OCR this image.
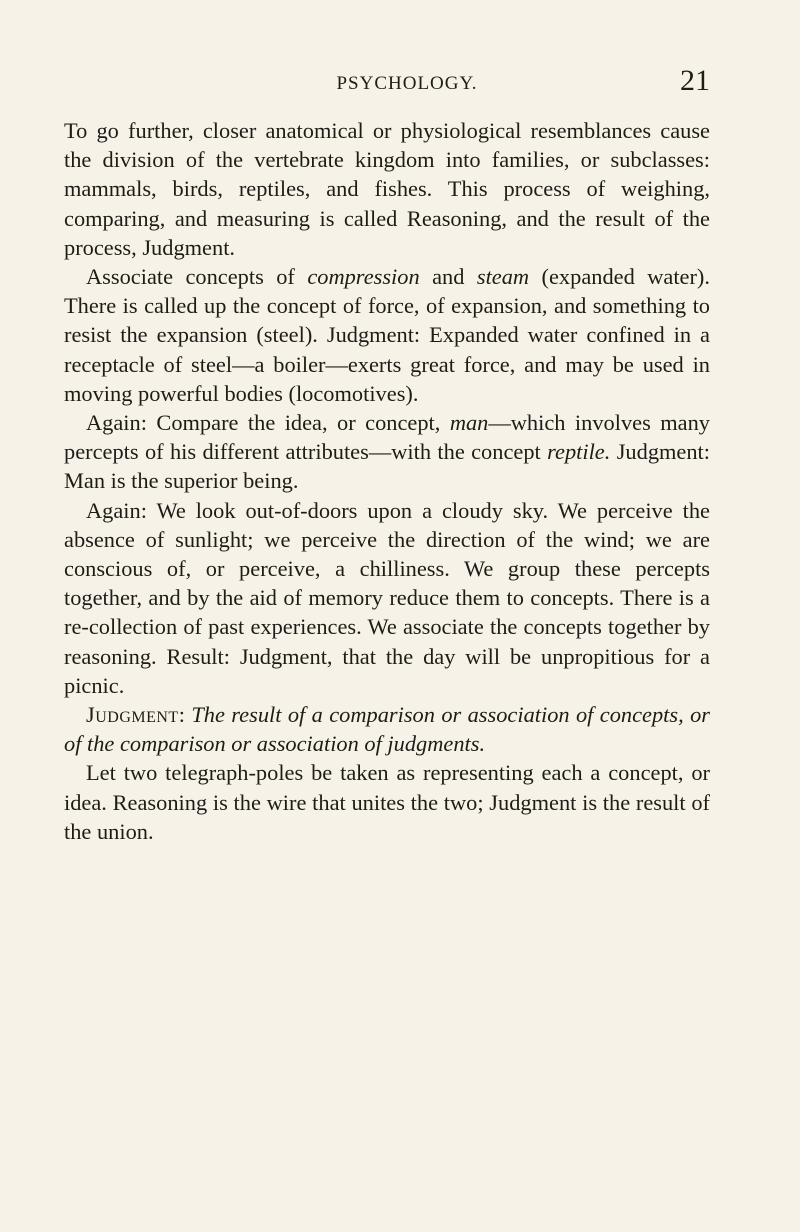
PSYCHOLOGY.	21

To go further, closer anatomical or physiological resemblances cause the division of the vertebrate kingdom into families, or subclasses: mammals, birds, reptiles, and fishes. This process of weighing, comparing, and measuring is called Reasoning, and the result of the process, Judgment.

Associate concepts of compression and steam (expanded water). There is called up the concept of force, of expansion, and something to resist the expansion (steel). Judgment: Expanded water confined in a receptacle of steel—a boiler—exerts great force, and may be used in moving powerful bodies (locomotives).

Again: Compare the idea, or concept, man—which involves many percepts of his different attributes—with the concept reptile. Judgment: Man is the superior being.

Again: We look out-of-doors upon a cloudy sky. We perceive the absence of sunlight; we perceive the direction of the wind; we are conscious of, or perceive, a chilliness. We group these percepts together, and by the aid of memory reduce them to concepts. There is a re-collection of past experiences. We associate the concepts together by reasoning. Result: Judgment, that the day will be unpropitious for a picnic.

Judgment: The result of a comparison or association of concepts, or of the comparison or association of judgments.

Let two telegraph-poles be taken as representing each a concept, or idea. Reasoning is the wire that unites the two; Judgment is the result of the union.
